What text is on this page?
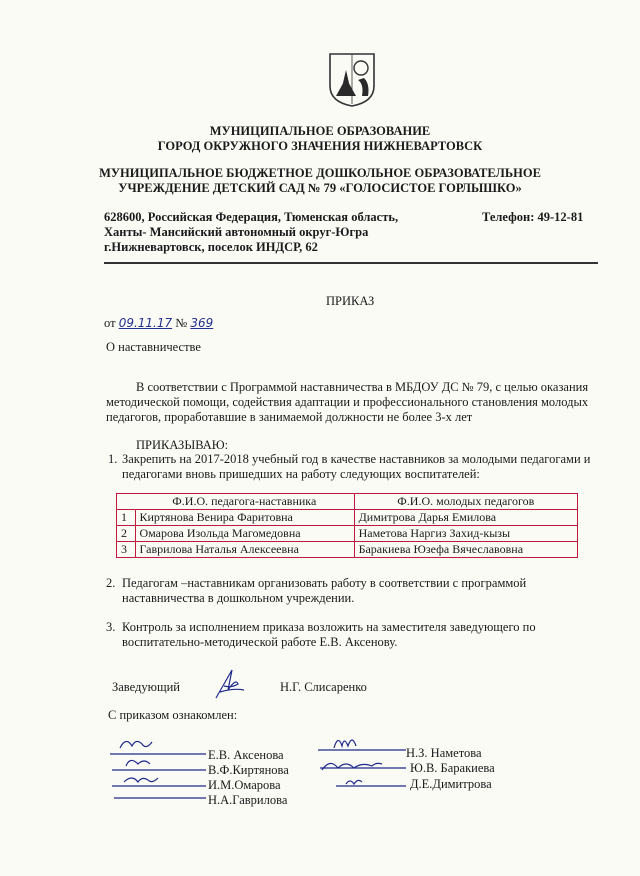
МУНИЦИПАЛЬНОЕ ОБРАЗОВАНИЕ
ГОРОД ОКРУЖНОГО ЗНАЧЕНИЯ НИЖНЕВАРТОВСК
МУНИЦИПАЛЬНОЕ БЮДЖЕТНОЕ ДОШКОЛЬНОЕ ОБРАЗОВАТЕЛЬНОЕ
УЧРЕЖДЕНИЕ ДЕТСКИЙ САД № 79 «ГОЛОСИСТОЕ ГОРЛЫШКО»
628600, Российская Федерация, Тюменская область,
Ханты- Мансийский автономный округ-Югра
г.Нижневартовск, поселок ИНДСР, 62
Телефон: 49-12-81
ПРИКАЗ
от 09.11.17 № 369
О наставничестве
В соответствии с Программой наставничества в МБДОУ ДС № 79, с целью оказания
методической помощи, содействия адаптации и профессионального становления молодых
педагогов, проработавшие в занимаемой должности не более 3-х лет
ПРИКАЗЫВАЮ:
1. Закрепить на 2017-2018 учебный год в качестве наставников за молодыми педагогами и
педагогами вновь пришедших на работу следующих воспитателей:
	Ф.И.О. педагога-наставника	Ф.И.О. молодых педагогов
1	Киртянова Венира Фаритовна	Димитрова Дарья Емилова
2	Омарова Изольда Магомедовна	Наметова Наргиз Захид-кызы
3	Гаврилова Наталья Алексеевна	Баракиева Юзефа Вячеславовна
2. Педагогам –наставникам организовать работу в соответствии с программой
наставничества в дошкольном учреждении.
3. Контроль за исполнением приказа возложить на заместителя заведующего по
воспитательно-методической работе Е.В. Аксенову.
Заведующий	Н.Г. Слисаренко
С приказом ознакомлен:
Е.В. Аксенова
В.Ф.Киртянова
И.М.Омарова
Н.А.Гаврилова
Н.З. Наметова
Ю.В. Баракиева
Д.Е.Димитрова
